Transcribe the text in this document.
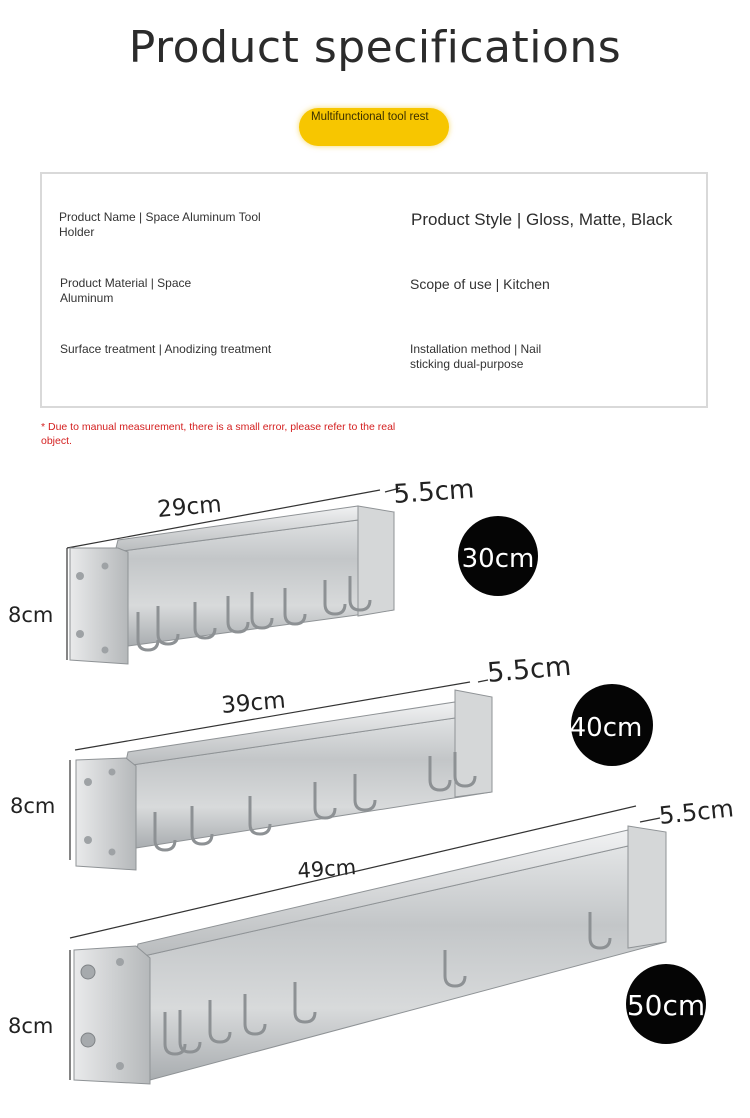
Product specifications
Multifunctional tool rest
Product Name | Space Aluminum Tool Holder
Product Style | Gloss, Matte, Black
Product Material | Space Aluminum
Scope of use | Kitchen
Surface treatment | Anodizing treatment	Installation method | Nail sticking dual-purpose
* Due to manual measurement, there is a small error, please refer to the real object.
29cm	5.5cm
8cm
30cm
39cm
5.5cm
8cm
40cm
49cm
5.5cm
8cm
50cm
